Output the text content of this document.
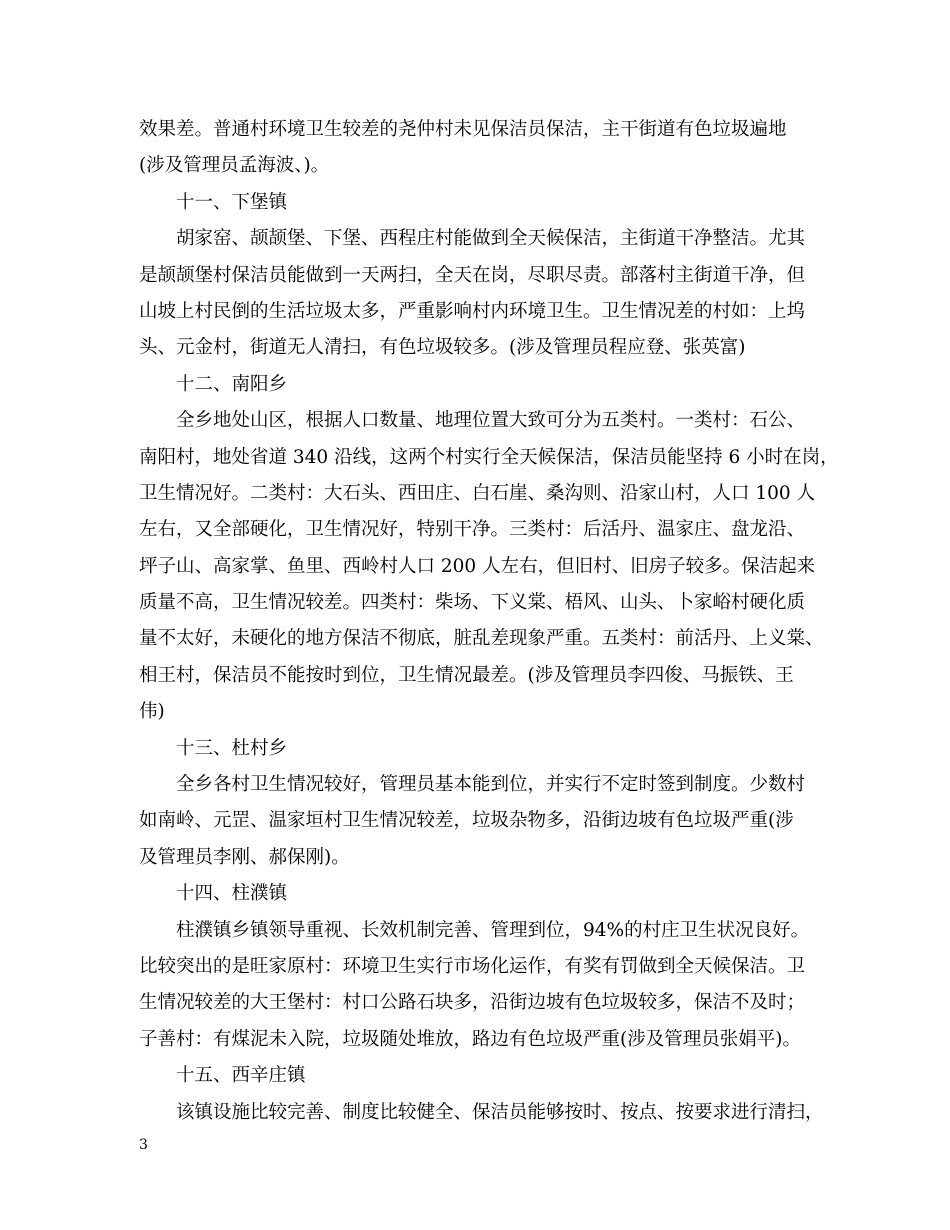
效果差。普通村环境卫生较差的尧仲村未见保洁员保洁，主干街道有色垃圾遍地
(涉及管理员孟海波、)。
十一、下堡镇
胡家窑、颉颉堡、下堡、西程庄村能做到全天候保洁，主街道干净整洁。尤其
是颉颉堡村保洁员能做到一天两扫，全天在岗，尽职尽责。部落村主街道干净，但
山坡上村民倒的生活垃圾太多，严重影响村内环境卫生。卫生情况差的村如：上坞
头、元金村，街道无人清扫，有色垃圾较多。(涉及管理员程应登、张英富)
十二、南阳乡
全乡地处山区，根据人口数量、地理位置大致可分为五类村。一类村：石公、
南阳村，地处省道 340 沿线，这两个村实行全天候保洁，保洁员能坚持 6 小时在岗，
卫生情况好。二类村：大石头、西田庄、白石崖、桑沟则、沿家山村，人口 100 人
左右，又全部硬化，卫生情况好，特别干净。三类村：后活丹、温家庄、盘龙沿、
坪子山、高家掌、鱼里、西岭村人口 200 人左右，但旧村、旧房子较多。保洁起来
质量不高，卫生情况较差。四类村：柴场、下义棠、梧风、山头、卜家峪村硬化质
量不太好，未硬化的地方保洁不彻底，脏乱差现象严重。五类村：前活丹、上义棠、
相王村，保洁员不能按时到位，卫生情况最差。(涉及管理员李四俊、马振铁、王
伟)
十三、杜村乡
全乡各村卫生情况较好，管理员基本能到位，并实行不定时签到制度。少数村
如南岭、元罡、温家垣村卫生情况较差，垃圾杂物多，沿街边坡有色垃圾严重(涉
及管理员李刚、郝保刚)。
十四、柱濮镇
柱濮镇乡镇领导重视、长效机制完善、管理到位，94%的村庄卫生状况良好。
比较突出的是旺家原村：环境卫生实行市场化运作，有奖有罚做到全天候保洁。卫
生情况较差的大王堡村：村口公路石块多，沿街边坡有色垃圾较多，保洁不及时；
子善村：有煤泥未入院，垃圾随处堆放，路边有色垃圾严重(涉及管理员张娟平)。
十五、西辛庄镇
该镇设施比较完善、制度比较健全、保洁员能够按时、按点、按要求进行清扫，
3
